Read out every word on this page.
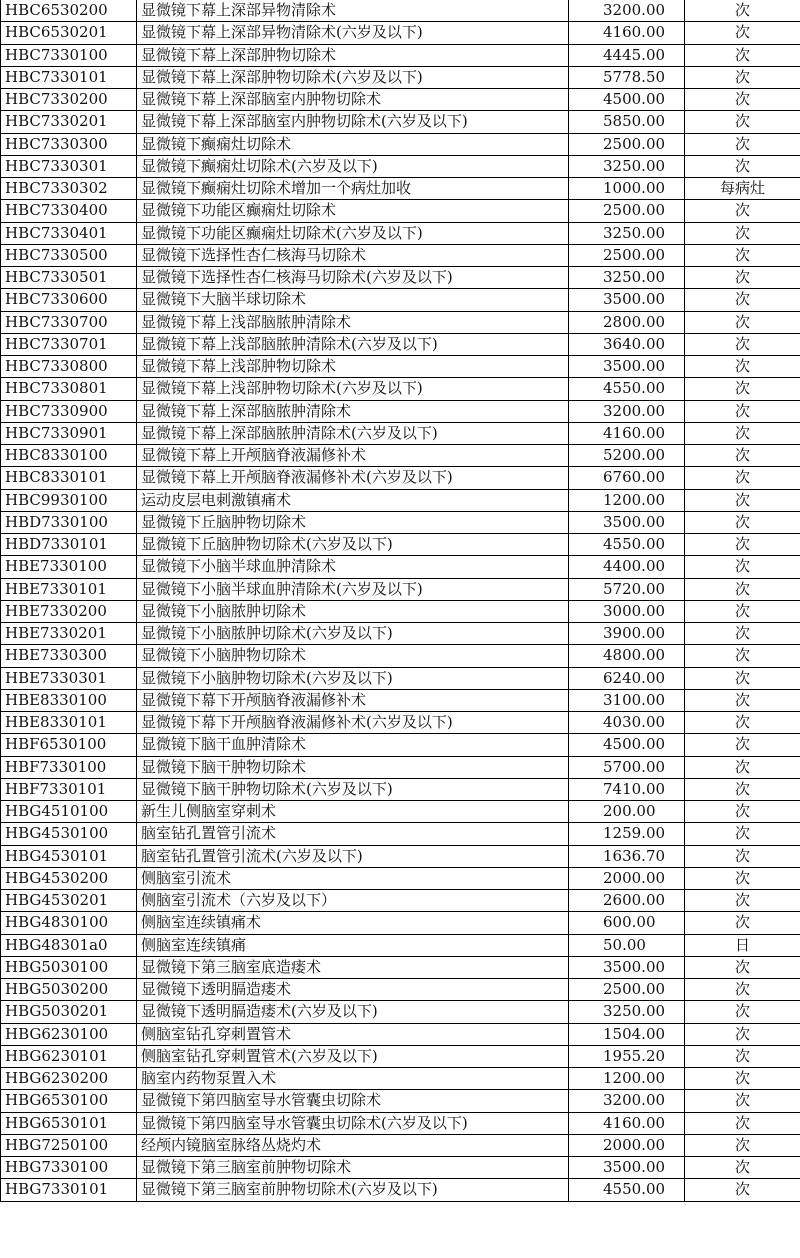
HBC6530200	显微镜下幕上深部异物清除术	3200.00	次
HBC6530201	显微镜下幕上深部异物清除术(六岁及以下)	4160.00	次
HBC7330100	显微镜下幕上深部肿物切除术	4445.00	次
HBC7330101	显微镜下幕上深部肿物切除术(六岁及以下)	5778.50	次
HBC7330200	显微镜下幕上深部脑室内肿物切除术	4500.00	次
HBC7330201	显微镜下幕上深部脑室内肿物切除术(六岁及以下)	5850.00	次
HBC7330300	显微镜下癫痫灶切除术	2500.00	次
HBC7330301	显微镜下癫痫灶切除术(六岁及以下)	3250.00	次
HBC7330302	显微镜下癫痫灶切除术增加一个病灶加收	1000.00	每病灶
HBC7330400	显微镜下功能区癫痫灶切除术	2500.00	次
HBC7330401	显微镜下功能区癫痫灶切除术(六岁及以下)	3250.00	次
HBC7330500	显微镜下选择性杏仁核海马切除术	2500.00	次
HBC7330501	显微镜下选择性杏仁核海马切除术(六岁及以下)	3250.00	次
HBC7330600	显微镜下大脑半球切除术	3500.00	次
HBC7330700	显微镜下幕上浅部脑脓肿清除术	2800.00	次
HBC7330701	显微镜下幕上浅部脑脓肿清除术(六岁及以下)	3640.00	次
HBC7330800	显微镜下幕上浅部肿物切除术	3500.00	次
HBC7330801	显微镜下幕上浅部肿物切除术(六岁及以下)	4550.00	次
HBC7330900	显微镜下幕上深部脑脓肿清除术	3200.00	次
HBC7330901	显微镜下幕上深部脑脓肿清除术(六岁及以下)	4160.00	次
HBC8330100	显微镜下幕上开颅脑脊液漏修补术	5200.00	次
HBC8330101	显微镜下幕上开颅脑脊液漏修补术(六岁及以下)	6760.00	次
HBC9930100	运动皮层电刺激镇痛术	1200.00	次
HBD7330100	显微镜下丘脑肿物切除术	3500.00	次
HBD7330101	显微镜下丘脑肿物切除术(六岁及以下)	4550.00	次
HBE7330100	显微镜下小脑半球血肿清除术	4400.00	次
HBE7330101	显微镜下小脑半球血肿清除术(六岁及以下)	5720.00	次
HBE7330200	显微镜下小脑脓肿切除术	3000.00	次
HBE7330201	显微镜下小脑脓肿切除术(六岁及以下)	3900.00	次
HBE7330300	显微镜下小脑肿物切除术	4800.00	次
HBE7330301	显微镜下小脑肿物切除术(六岁及以下)	6240.00	次
HBE8330100	显微镜下幕下开颅脑脊液漏修补术	3100.00	次
HBE8330101	显微镜下幕下开颅脑脊液漏修补术(六岁及以下)	4030.00	次
HBF6530100	显微镜下脑干血肿清除术	4500.00	次
HBF7330100	显微镜下脑干肿物切除术	5700.00	次
HBF7330101	显微镜下脑干肿物切除术(六岁及以下)	7410.00	次
HBG4510100	新生儿侧脑室穿刺术	200.00	次
HBG4530100	脑室钻孔置管引流术	1259.00	次
HBG4530101	脑室钻孔置管引流术(六岁及以下)	1636.70	次
HBG4530200	侧脑室引流术	2000.00	次
HBG4530201	侧脑室引流术（六岁及以下）	2600.00	次
HBG4830100	侧脑室连续镇痛术	600.00	次
HBG48301a0	侧脑室连续镇痛	50.00	日
HBG5030100	显微镜下第三脑室底造瘘术	3500.00	次
HBG5030200	显微镜下透明膈造瘘术	2500.00	次
HBG5030201	显微镜下透明膈造瘘术(六岁及以下)	3250.00	次
HBG6230100	侧脑室钻孔穿刺置管术	1504.00	次
HBG6230101	侧脑室钻孔穿刺置管术(六岁及以下)	1955.20	次
HBG6230200	脑室内药物泵置入术	1200.00	次
HBG6530100	显微镜下第四脑室导水管囊虫切除术	3200.00	次
HBG6530101	显微镜下第四脑室导水管囊虫切除术(六岁及以下)	4160.00	次
HBG7250100	经颅内镜脑室脉络丛烧灼术	2000.00	次
HBG7330100	显微镜下第三脑室前肿物切除术	3500.00	次
HBG7330101	显微镜下第三脑室前肿物切除术(六岁及以下)	4550.00	次
